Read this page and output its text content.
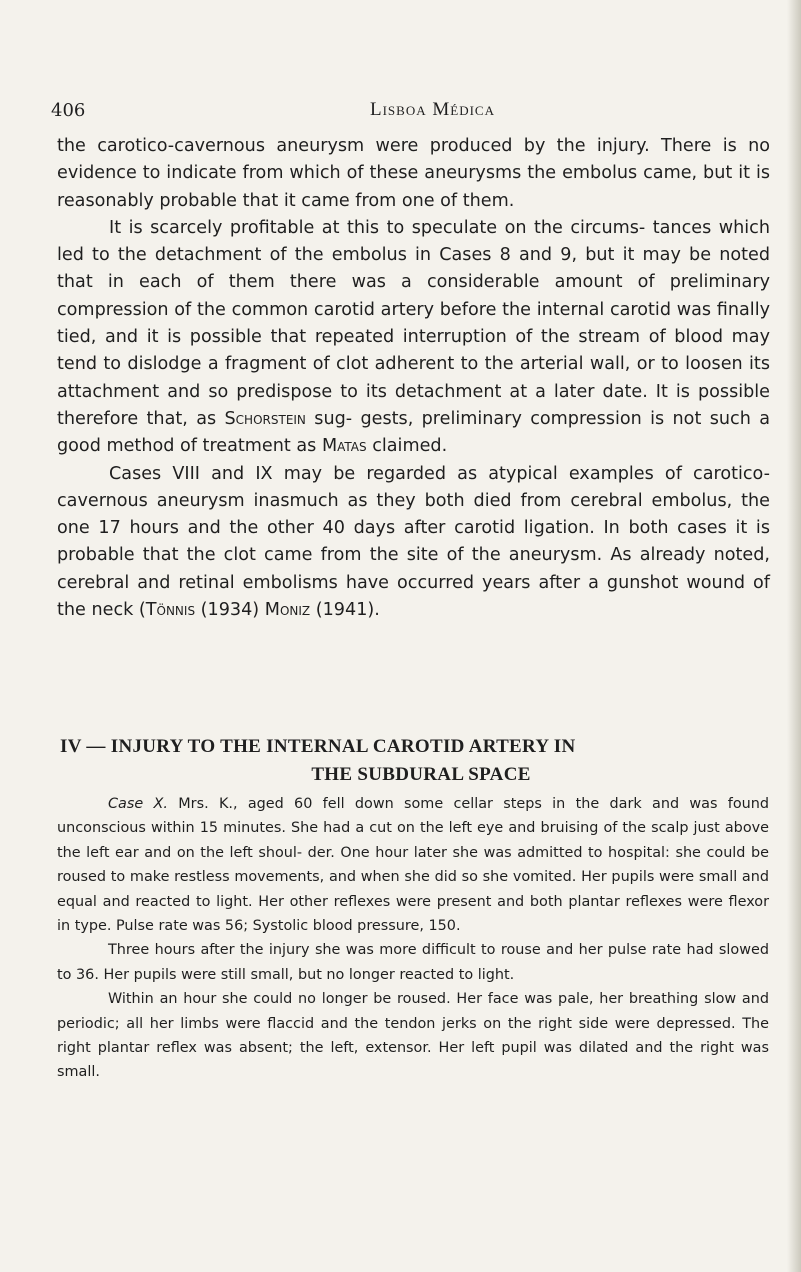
406	Lisboa Médica

the carotico-cavernous aneurysm were produced by the injury. There is no evidence to indicate from which of these aneurysms the embolus came, but it is reasonably probable that it came from one of them.

It is scarcely profitable at this to speculate on the circums- tances which led to the detachment of the embolus in Cases 8 and 9, but it may be noted that in each of them there was a considerable amount of preliminary compression of the common carotid artery before the internal carotid was finally tied, and it is possible that repeated interruption of the stream of blood may tend to dislodge a fragment of clot adherent to the arterial wall, or to loosen its attachment and so predispose to its detachment at a later date. It is possible therefore that, as Schorstein sug- gests, preliminary compression is not such a good method of treatment as Matas claimed.

Cases VIII and IX may be regarded as atypical examples of carotico-cavernous aneurysm inasmuch as they both died from cerebral embolus, the one 17 hours and the other 40 days after carotid ligation. In both cases it is probable that the clot came from the site of the aneurysm. As already noted, cerebral and retinal embolisms have occurred years after a gunshot wound of the neck (Tönnis (1934) Moniz (1941).

IV — INJURY TO THE INTERNAL CAROTID ARTERY IN
THE SUBDURAL SPACE

Case X. Mrs. K., aged 60 fell down some cellar steps in the dark and was found unconscious within 15 minutes. She had a cut on the left eye and bruising of the scalp just above the left ear and on the left shoul- der. One hour later she was admitted to hospital: she could be roused to make restless movements, and when she did so she vomited. Her pupils were small and equal and reacted to light. Her other reflexes were present and both plantar reflexes were flexor in type. Pulse rate was 56; Systolic blood pressure, 150.

Three hours after the injury she was more difficult to rouse and her pulse rate had slowed to 36. Her pupils were still small, but no longer reacted to light.

Within an hour she could no longer be roused. Her face was pale, her breathing slow and periodic; all her limbs were flaccid and the tendon jerks on the right side were depressed. The right plantar reflex was absent; the left, extensor. Her left pupil was dilated and the right was small.
